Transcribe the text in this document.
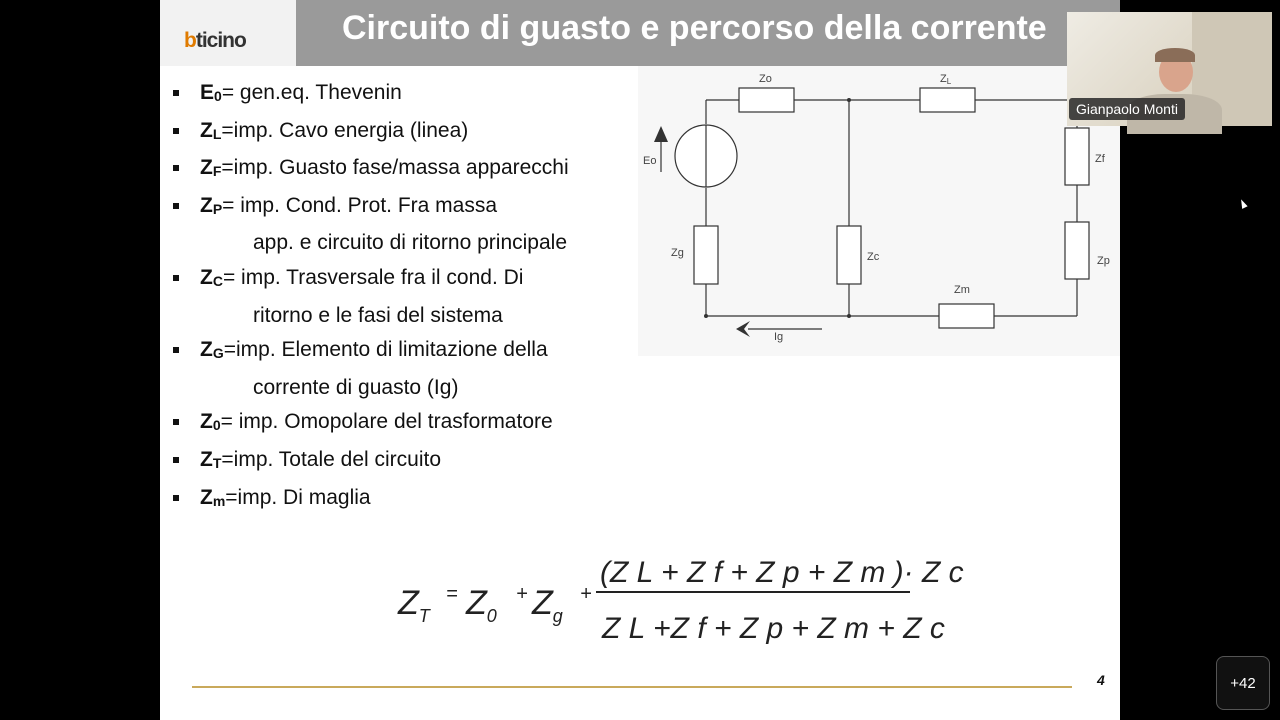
bticino	Circuito di guasto e percorso della corrente
$E_0= gen.eq$. Thevenin
$Z_L=imp$. Cavo energia (linea)
$Z_F=imp$. Guasto fase/massa apparecchi
$Z_P=$ imp. Cond. Prot. Fra massa
app. e circuito di ritorno principale
$Z_C=$ imp. Trasversale fra il cond. Di
ritorno e le fasi del sistema
$Z_G=imp$. Elemento di limitazione della
corrente di guasto (Ig)
$Z_0=$ imp. Omopolare del trasformatore
$Z_T=imp$. Totale del circuito
$Z_m=imp$. Di maglia
Zo	ZL
Zf
Zp
Zg	Zc
Zm
Eo
Ig
$Z_T$
= $Z_0$
+ $Z_g$
+
(Z L + Z f + Z p + Z m )· Z c
Z L +Z f + Z p + Z m + Z c
4
Gianpaolo Monti
+42
